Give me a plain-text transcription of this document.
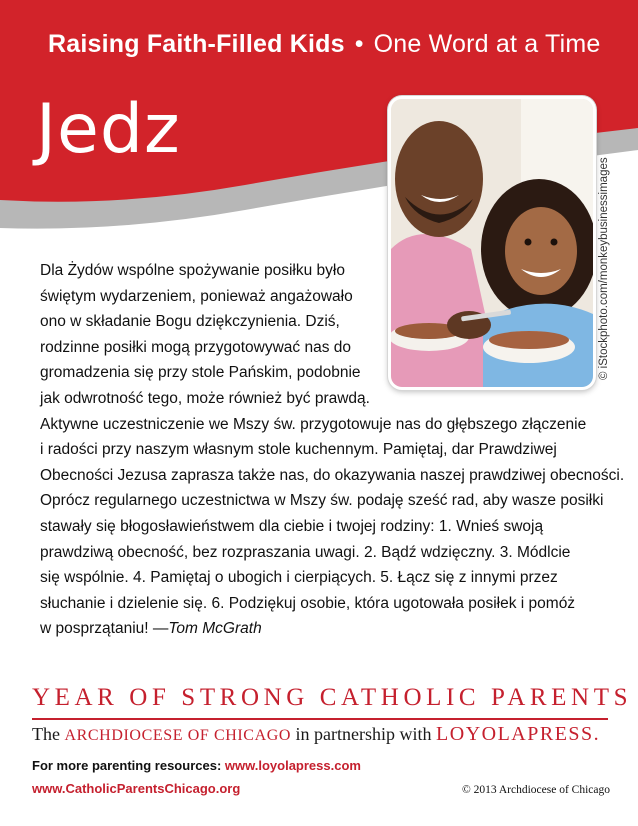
Raising Faith-Filled Kids • One Word at a Time
Jedz
© iStockphoto.com/monkeybusinessimages
Dla Żydów wspólne spożywanie posiłku było
świętym wydarzeniem, ponieważ angażowało
ono w składanie Bogu dziękczynienia. Dziś,
rodzinne posiłki mogą przygotowywać nas do
gromadzenia się przy stole Pańskim, podobnie
jak odwrotność tego, może również być prawdą.
Aktywne uczestniczenie we Mszy św. przygotowuje nas do głębszego złączenie
i radości przy naszym własnym stole kuchennym. Pamiętaj, dar Prawdziwej
Obecności Jezusa zaprasza także nas, do okazywania naszej prawdziwej obecności.
Oprócz regularnego uczestnictwa w Mszy św. podaję sześć rad, aby wasze posiłki
stawały się błogosławieństwem dla ciebie i twojej rodziny: 1. Wnieś swoją
prawdziwą obecność, bez rozpraszania uwagi. 2. Bądź wdzięczny. 3. Módlcie
się wspólnie. 4. Pamiętaj o ubogich i cierpiących. 5. Łącz się z innymi przez
słuchanie i dzielenie się. 6. Podziękuj osobie, która ugotowała posiłek i pomóż
w posprzątaniu! —Tom McGrath
YEAR OF STRONG CATHOLIC PARENTS
The ARCHDIOCESE OF CHICAGO in partnership with LOYOLAPRESS.
For more parenting resources: www.loyolapress.com
www.CatholicParentsChicago.org	© 2013 Archdiocese of Chicago
